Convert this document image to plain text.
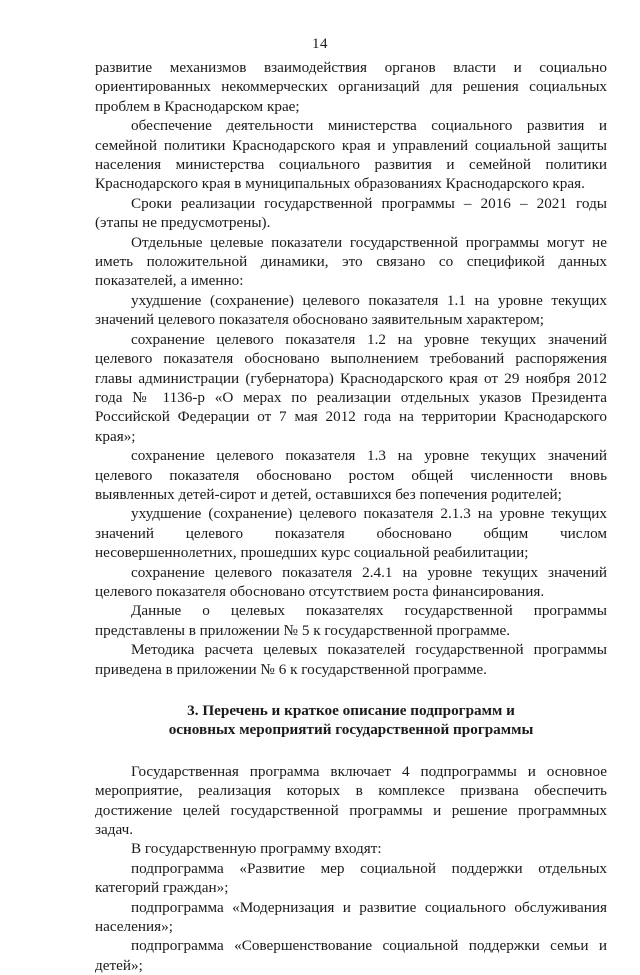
14

развитие механизмов взаимодействия органов власти и социально ориентированных некоммерческих организаций для решения социальных проблем в Краснодарском крае;

обеспечение деятельности министерства социального развития и семейной политики Краснодарского края и управлений социальной защиты населения министерства социального развития и семейной политики Краснодарского края в муниципальных образованиях Краснодарского края.

Сроки реализации государственной программы – 2016 – 2021 годы (этапы не предусмотрены).

Отдельные целевые показатели государственной программы могут не иметь положительной динамики, это связано со спецификой данных показателей, а именно:

ухудшение (сохранение) целевого показателя 1.1 на уровне текущих значений целевого показателя обосновано заявительным характером;

сохранение целевого показателя 1.2 на уровне текущих значений целевого показателя обосновано выполнением требований распоряжения главы администрации (губернатора) Краснодарского края от 29 ноября 2012 года № 1136-р «О мерах по реализации отдельных указов Президента Российской Федерации от 7 мая 2012 года на территории Краснодарского края»;

сохранение целевого показателя 1.3 на уровне текущих значений целевого показателя обосновано ростом общей численности вновь выявленных детей-сирот и детей, оставшихся без попечения родителей;

ухудшение (сохранение) целевого показателя 2.1.3 на уровне текущих значений целевого показателя обосновано общим числом несовершеннолетних, прошедших курс социальной реабилитации;

сохранение целевого показателя 2.4.1 на уровне текущих значений целевого показателя обосновано отсутствием роста финансирования.

Данные о целевых показателях государственной программы представлены в приложении № 5 к государственной программе.

Методика расчета целевых показателей государственной программы приведена в приложении № 6 к государственной программе.

3. Перечень и краткое описание подпрограмм и
основных мероприятий государственной программы

Государственная программа включает 4 подпрограммы и основное мероприятие, реализация которых в комплексе призвана обеспечить достижение целей государственной программы и решение программных задач.

В государственную программу входят:

подпрограмма «Развитие мер социальной поддержки отдельных категорий граждан»;

подпрограмма «Модернизация и развитие социального обслуживания населения»;

подпрограмма «Совершенствование социальной поддержки семьи и детей»;
